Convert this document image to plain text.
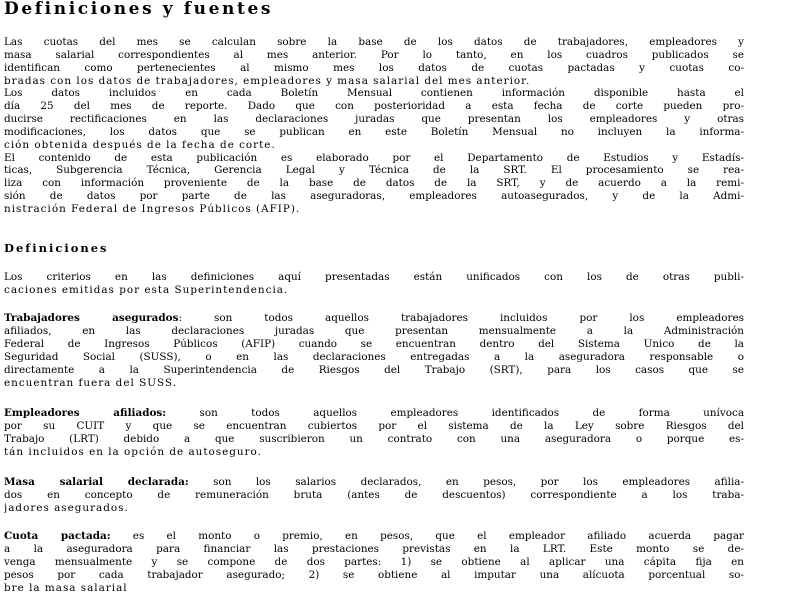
Definiciones y fuentes
Las cuotas del mes se calculan sobre la base de los datos de trabajadores, empleadores y
masa salarial correspondientes al mes anterior. Por lo tanto, en los cuadros publicados se
identifican como pertenecientes al mismo mes los datos de cuotas pactadas y cuotas co-
bradas con los datos de trabajadores, empleadores y masa salarial del mes anterior.
Los datos incluidos en cada Boletín Mensual contienen información disponible hasta el
día 25 del mes de reporte. Dado que con posterioridad a esta fecha de corte pueden pro-
ducirse rectificaciones en las declaraciones juradas que presentan los empleadores y otras
modificaciones, los datos que se publican en este Boletín Mensual no incluyen la informa-
ción obtenida después de la fecha de corte.
El contenido de esta publicación es elaborado por el Departamento de Estudios y Estadís-
ticas, Subgerencia Técnica, Gerencia Legal y Técnica de la SRT. El procesamiento se rea-
liza con información proveniente de la base de datos de la SRT, y de acuerdo a la remi-
sión de datos por parte de las aseguradoras, empleadores autoasegurados, y de la Admi-
nistración Federal de Ingresos Públicos (AFIP).
Definiciones
Los criterios en las definiciones aquí presentadas están unificados con los de otras publi-
caciones emitidas por esta Superintendencia.
Trabajadores asegurados: son todos aquellos trabajadores incluidos por los empleadores
afiliados, en las declaraciones juradas que presentan mensualmente a la Administración
Federal de Ingresos Públicos (AFIP) cuando se encuentran dentro del Sistema Único de la
Seguridad Social (SUSS), o en las declaraciones entregadas a la aseguradora responsable o
directamente a la Superintendencia de Riesgos del Trabajo (SRT), para los casos que se
encuentran fuera del SUSS.
Empleadores afiliados: son todos aquellos empleadores identificados de forma unívoca
por su CUIT y que se encuentran cubiertos por el sistema de la Ley sobre Riesgos del
Trabajo (LRT) debido a que suscribieron un contrato con una aseguradora o porque es-
tán incluidos en la opción de autoseguro.
Masa salarial declarada: son los salarios declarados, en pesos, por los empleadores afilia-
dos en concepto de remuneración bruta (antes de descuentos) correspondiente a los traba-
jadores asegurados.
Cuota pactada: es el monto o premio, en pesos, que el empleador afiliado acuerda pagar
a la aseguradora para financiar las prestaciones previstas en la LRT. Este monto se de-
venga mensualmente y se compone de dos partes: 1) se obtiene al aplicar una cápita fija en
pesos por cada trabajador asegurado; 2) se obtiene al imputar una alícuota porcentual so-
bre la masa salarial
